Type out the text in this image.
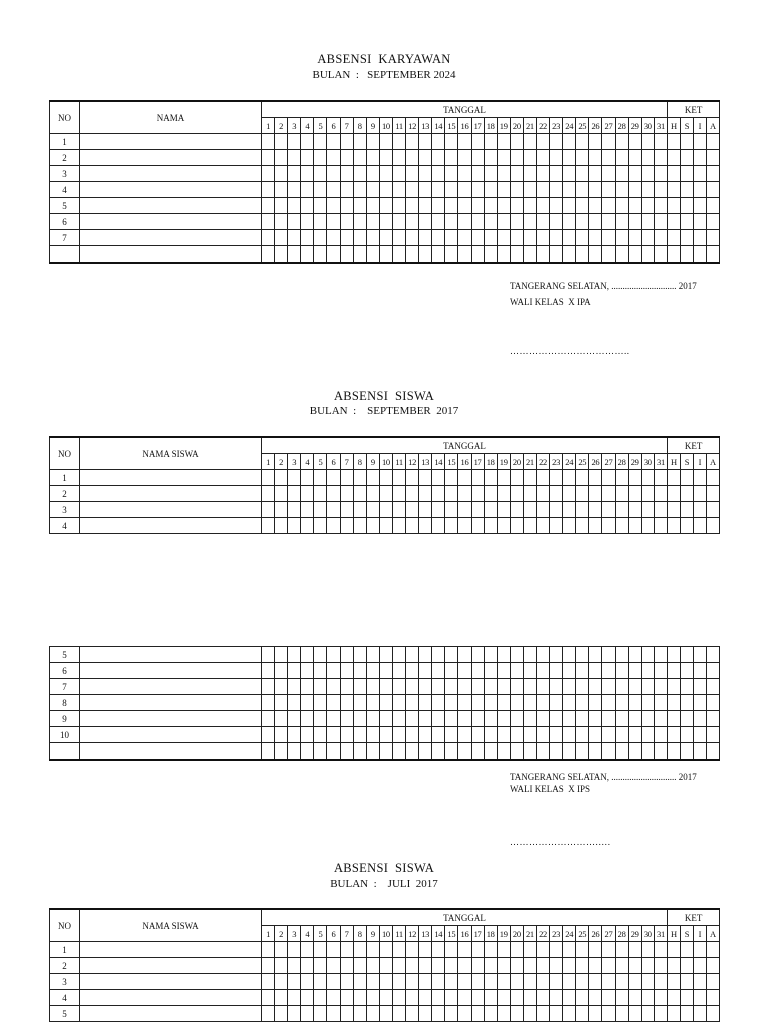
ABSENSI  KARYAWAN
BULAN  :   SEPTEMBER 2024
NO	NAMA	TANGGAL																															KET			
		1	2	3	4	5	6	7	8	9	10	11	12	13	14	15	16	17	18	19	20	21	22	23	24	25	26	27	28	29	30	31	H	S	I	A
1																																				
2																																				
3																																				
4																																				
5																																				
6																																				
7																																				

TANGERANG SELATAN, ............................. 2017
WALI KELAS  X IPA
………………………………..
ABSENSI  SISWA
BULAN  :    SEPTEMBER  2017
NO	NAMA SISWA	TANGGAL																															KET			
		1	2	3	4	5	6	7	8	9	10	11	12	13	14	15	16	17	18	19	20	21	22	23	24	25	26	27	28	29	30	31	H	S	I	A
1																																				
2																																				
3																																				
4																																				
5																																				
6																																				
7																																				
8																																				
9																																				
10																																				

TANGERANG SELATAN, ............................. 2017
WALI KELAS  X IPS
……………………….….
ABSENSI  SISWA
BULAN  :    JULI  2017
NO	NAMA SISWA	TANGGAL																															KET			
		1	2	3	4	5	6	7	8	9	10	11	12	13	14	15	16	17	18	19	20	21	22	23	24	25	26	27	28	29	30	31	H	S	I	A
1																																				
2																																				
3																																				
4																																				
5																																				
